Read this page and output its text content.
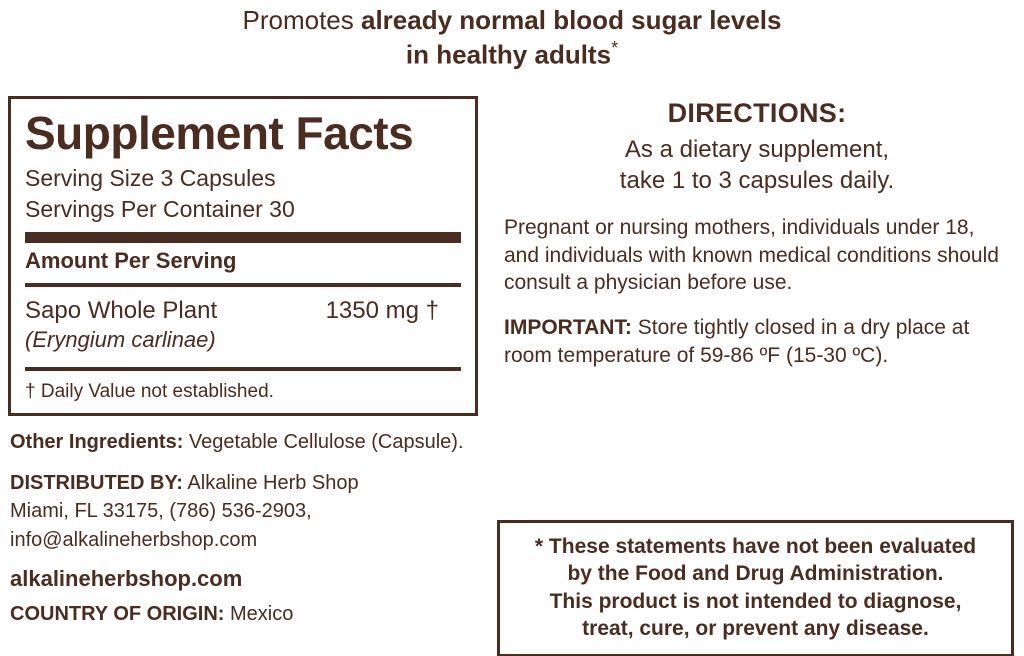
Promotes already normal blood sugar levels
in healthy adults*
Supplement Facts
Serving Size 3 Capsules
Servings Per Container 30
Amount Per Serving
Sapo Whole Plant	1350 mg †
(Eryngium carlinae)
† Daily Value not established.
Other Ingredients: Vegetable Cellulose (Capsule).
DISTRIBUTED BY: Alkaline Herb Shop
Miami, FL 33175, (786) 536-2903,
info@alkalineherbshop.com
alkalineherbshop.com
COUNTRY OF ORIGIN: Mexico
DIRECTIONS:
As a dietary supplement,
take 1 to 3 capsules daily.
Pregnant or nursing mothers, individuals under 18, and individuals with known medical conditions should consult a physician before use.
IMPORTANT: Store tightly closed in a dry place at room temperature of 59-86 ºF (15-30 ºC).
* These statements have not been evaluated
by the Food and Drug Administration.
This product is not intended to diagnose,
treat, cure, or prevent any disease.
